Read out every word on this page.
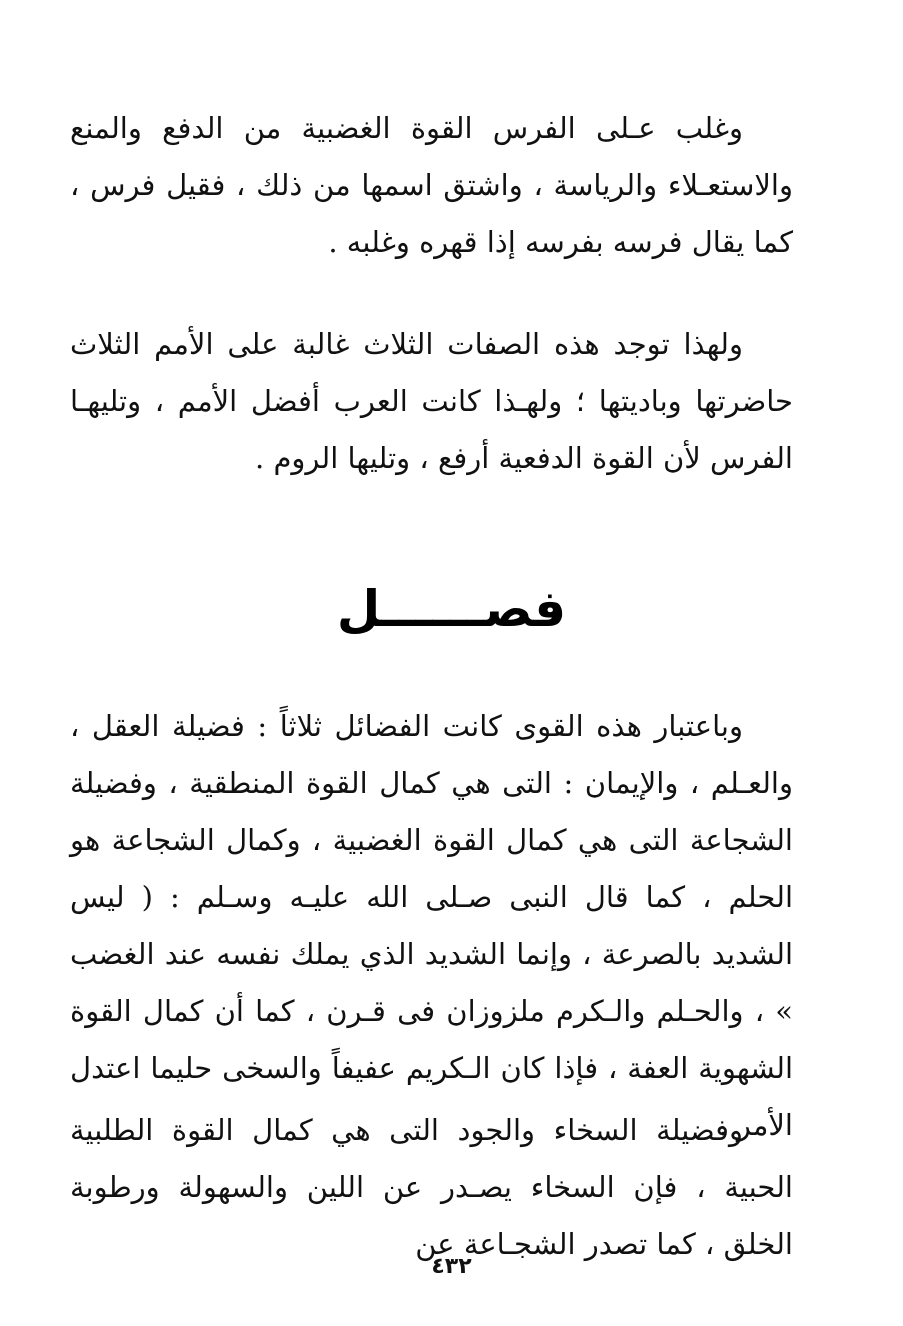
وغلب عـلى الفرس القوة الغضبية من الدفع والمنع والاستعـلاء والرياسة ، واشتق اسمها من ذلك ، فقيل فرس ، كما يقال فرسه بفرسه إذا قهره وغلبه .

ولهذا توجد هذه الصفات الثلاث غالبة على الأمم الثلاث حاضرتها وباديتها ؛ ولهـذا كانت العرب أفضل الأمم ، وتليهـا الفرس لأن القوة الدفعية أرفع ، وتليها الروم .

فصــــــل

وباعتبار هذه القوى كانت الفضائل ثلاثاً : فضيلة العقل ، والعـلم ، والإيمان : التى هي كمال القوة المنطقية ، وفضيلة الشجاعة التى هي كمال القوة الغضبية ، وكمال الشجاعة هو الحلم ، كما قال النبى صـلى الله عليـه وسـلم : ( ليس الشديد بالصرعة ، وإنما الشديد الذي يملك نفسه عند الغضب » ، والحـلم والـكرم ملزوزان فى قـرن ، كما أن كمال القوة الشهوية العفة ، فإذا كان الـكريم عفيفاً والسخى حليما اعتدل الأمر .

وفضيلة السخاء والجود التى هي كمال القوة الطلبية الحبية ، فإن السخاء يصـدر عن اللين والسهولة ورطوبة الخلق ، كما تصدر الشجـاعة عن

٤٣٢
